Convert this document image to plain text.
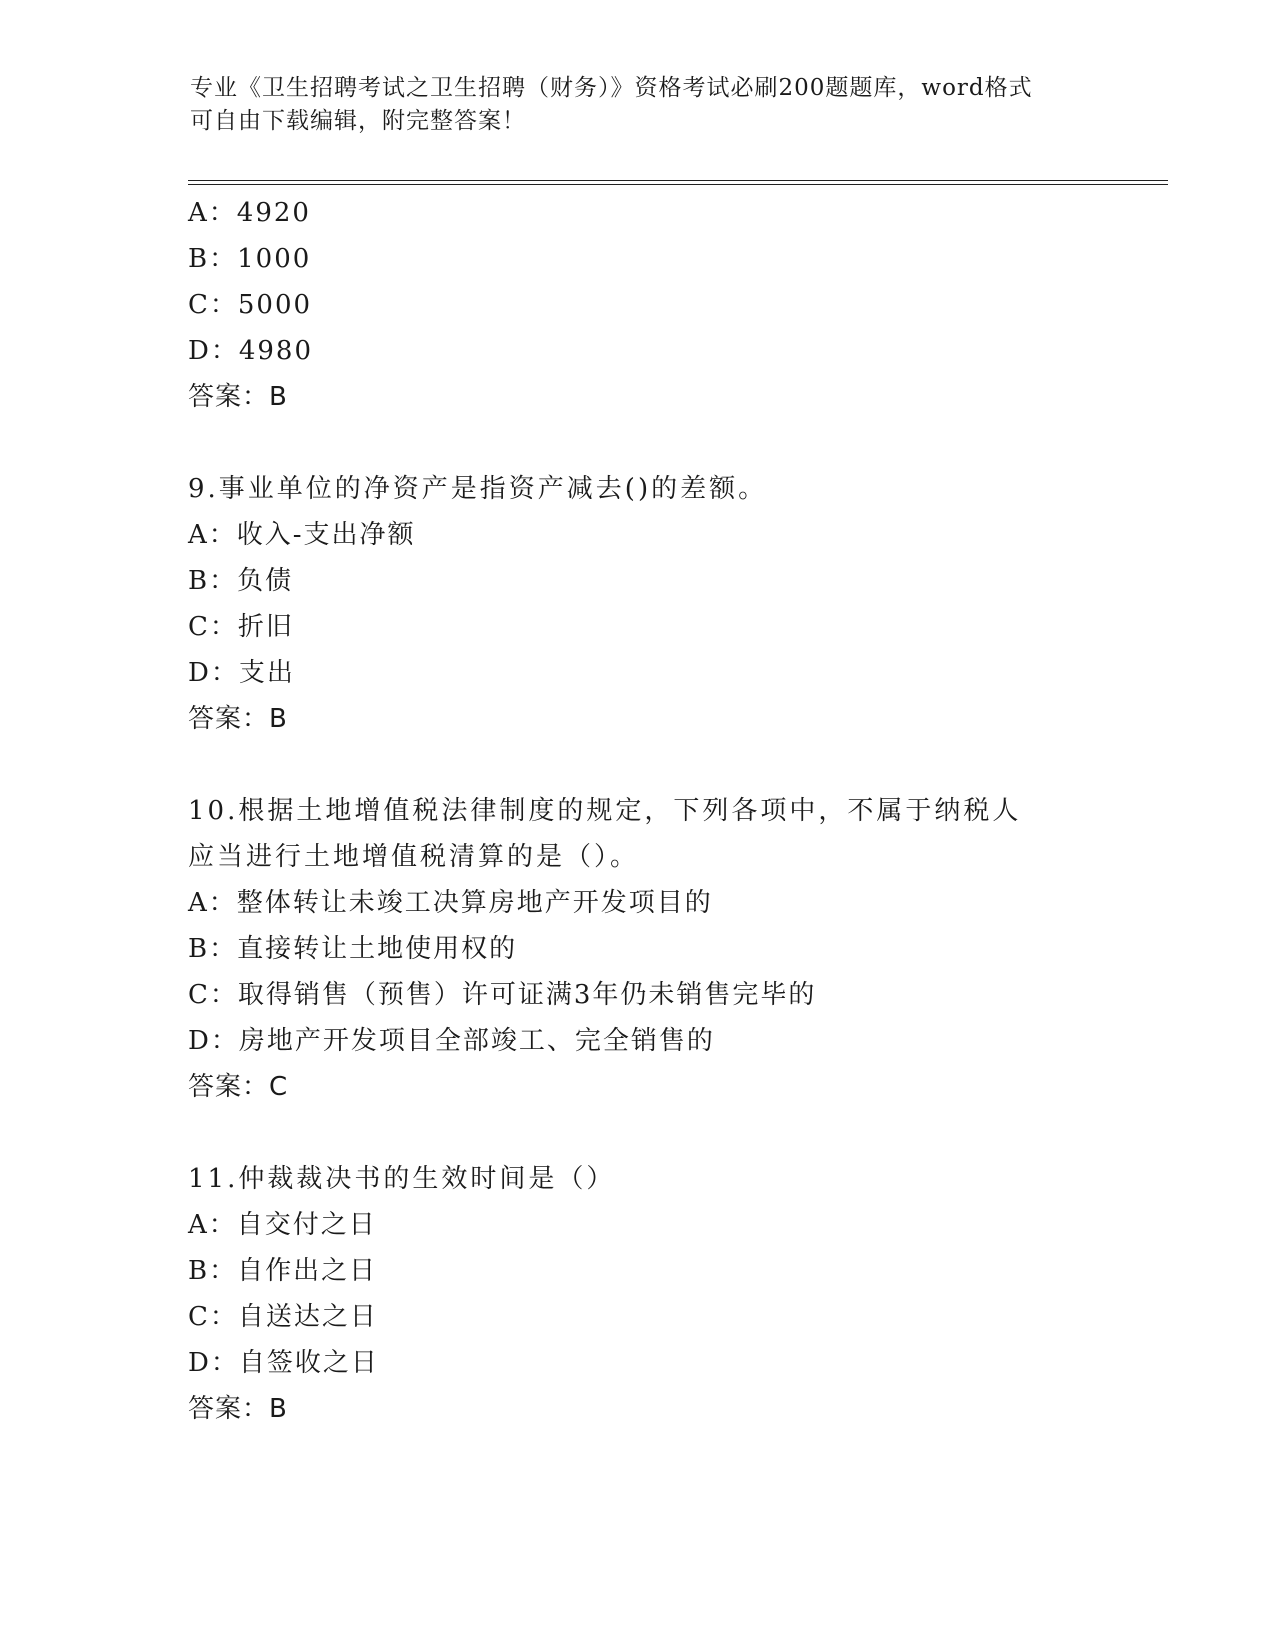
专业《卫生招聘考试之卫生招聘（财务）》资格考试必刷200题题库，word格式
可自由下载编辑，附完整答案！
A：4920
B：1000
C：5000
D：4980
答案：B
9.事业单位的净资产是指资产减去()的差额。
A：收入-支出净额
B：负债
C：折旧
D：支出
答案：B
10.根据土地增值税法律制度的规定，下列各项中，不属于纳税人应当进行土地增值税清算的是（）。
A：整体转让未竣工决算房地产开发项目的
B：直接转让土地使用权的
C：取得销售（预售）许可证满3年仍未销售完毕的
D：房地产开发项目全部竣工、完全销售的
答案：C
11.仲裁裁决书的生效时间是（）
A：自交付之日
B：自作出之日
C：自送达之日
D：自签收之日
答案：B
